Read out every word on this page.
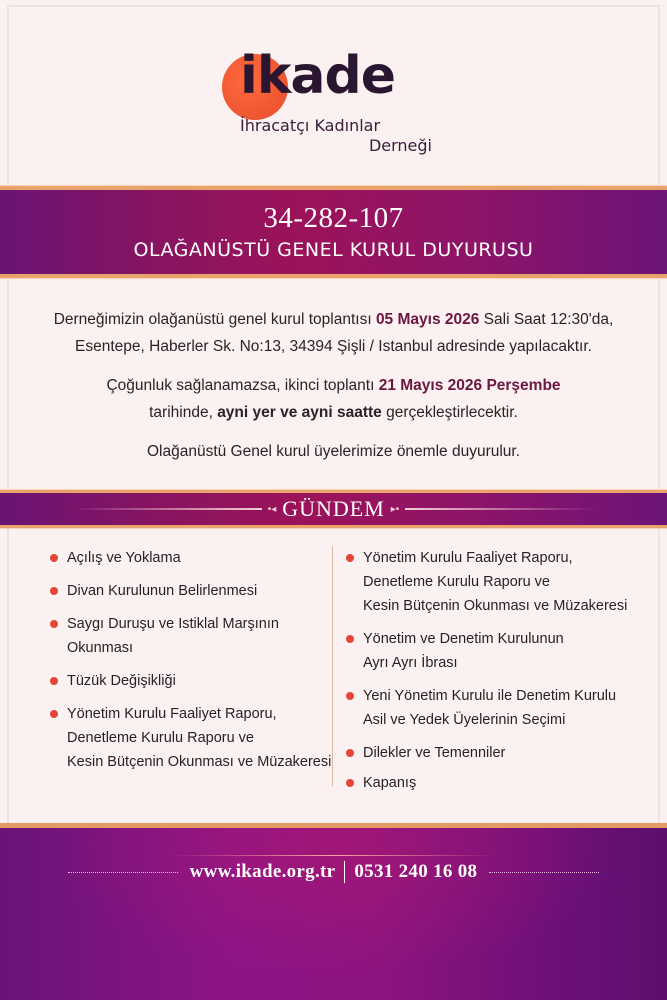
ikade
İhracatçı Kadınlar
Derneği
34-282-107
OLAĞANÜSTÜ GENEL KURUL DUYURUSU

Derneğimizin olağanüstü genel kurul toplantısı 05 Mayıs 2026 Sali Saat 12:30'da,

Esentepe, Haberler Sk. No:13, 34394 Şişli / Istanbul adresinde yapılacaktır.

Çoğunluk sağlanamazsa, ikinci toplantı 21 Mayıs 2026 Perşembe

tarihinde, ayni yer ve ayni saatte gerçekleştirlecektir.

Olağanüstü Genel kurul üyelerimize önemle duyurulur.

•◂ GÜNDEM ▸•
Açılış ve Yoklama
Divan Kurulunun Belirlenmesi
Saygı Duruşu ve Istiklal Marşının
Okunması
Tüzük Değişikliği
Yönetim Kurulu Faaliyet Raporu,
Denetleme Kurulu Raporu ve
Kesin Bütçenin Okunması ve Müzakeresi
Yönetim Kurulu Faaliyet Raporu,
Denetleme Kurulu Raporu ve
Kesin Bütçenin Okunması ve Müzakeresi
Yönetim ve Denetim Kurulunun
Ayrı Ayrı İbrası
Yeni Yönetim Kurulu ile Denetim Kurulu
Asil ve Yedek Üyelerinin Seçimi
Dilekler ve Temenniler
Kapanış
www.ikade.org.tr 0531 240 16 08
